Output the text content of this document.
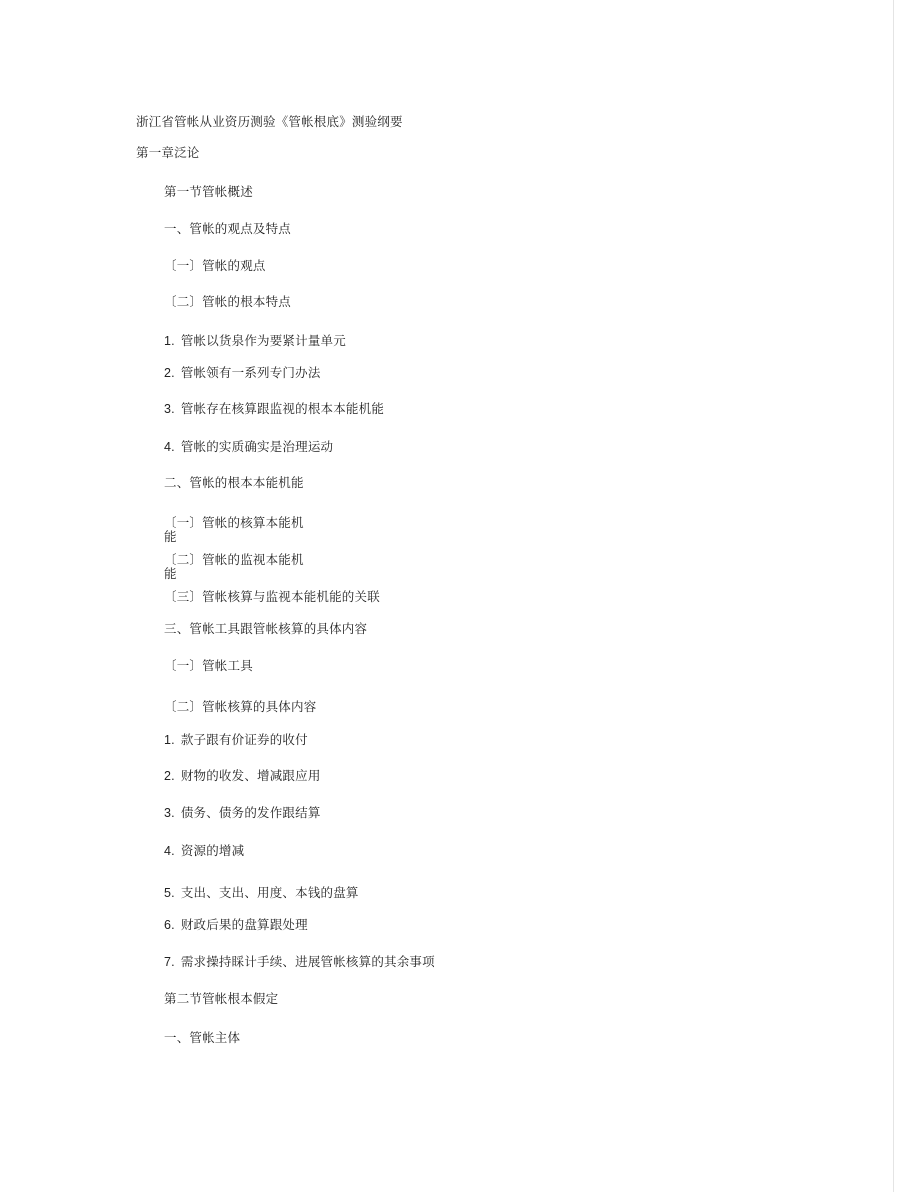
浙江省管帐从业资历测验《管帐根底》测验纲要
第一章泛论
第一节管帐概述
一、管帐的观点及特点
〔一〕管帐的观点
〔二〕管帐的根本特点
1. 管帐以货泉作为要紧计量单元
2. 管帐领有一系列专门办法
3. 管帐存在核算跟监视的根本本能机能
4. 管帐的实质确实是治理运动
二、管帐的根本本能机能
〔一〕管帐的核算本能机
能
〔二〕管帐的监视本能机
能
〔三〕管帐核算与监视本能机能的关联
三、管帐工具跟管帐核算的具体内容
〔一〕管帐工具
〔二〕管帐核算的具体内容
1. 款子跟有价证券的收付
2. 财物的收发、增减跟应用
3. 债务、债务的发作跟结算
4. 资源的增减
5. 支出、支出、用度、本钱的盘算
6. 财政后果的盘算跟处理
7. 需求操持睬计手续、进展管帐核算的其余事项
第二节管帐根本假定
一、管帐主体
